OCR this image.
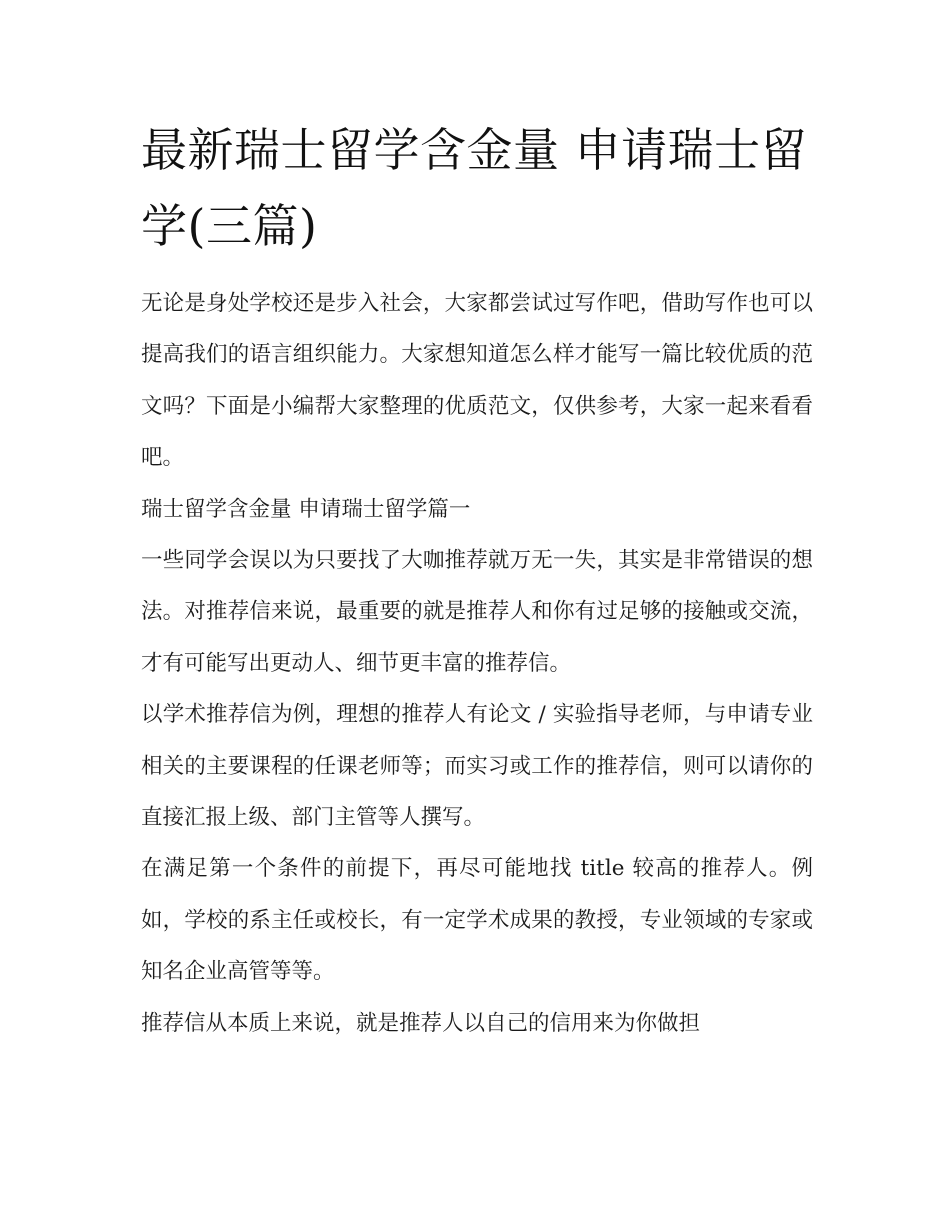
最新瑞士留学含金量 申请瑞士留学(三篇)

无论是身处学校还是步入社会，大家都尝试过写作吧，借助写作也可以提高我们的语言组织能力。大家想知道怎么样才能写一篇比较优质的范文吗？下面是小编帮大家整理的优质范文，仅供参考，大家一起来看看吧。

瑞士留学含金量 申请瑞士留学篇一

一些同学会误以为只要找了大咖推荐就万无一失，其实是非常错误的想法。对推荐信来说，最重要的就是推荐人和你有过足够的接触或交流，才有可能写出更动人、细节更丰富的推荐信。

以学术推荐信为例，理想的推荐人有论文 / 实验指导老师，与申请专业相关的主要课程的任课老师等；而实习或工作的推荐信，则可以请你的直接汇报上级、部门主管等人撰写。

在满足第一个条件的前提下，再尽可能地找 title 较高的推荐人。例如，学校的系主任或校长，有一定学术成果的教授，专业领域的专家或知名企业高管等等。

推荐信从本质上来说，就是推荐人以自己的信用来为你做担
